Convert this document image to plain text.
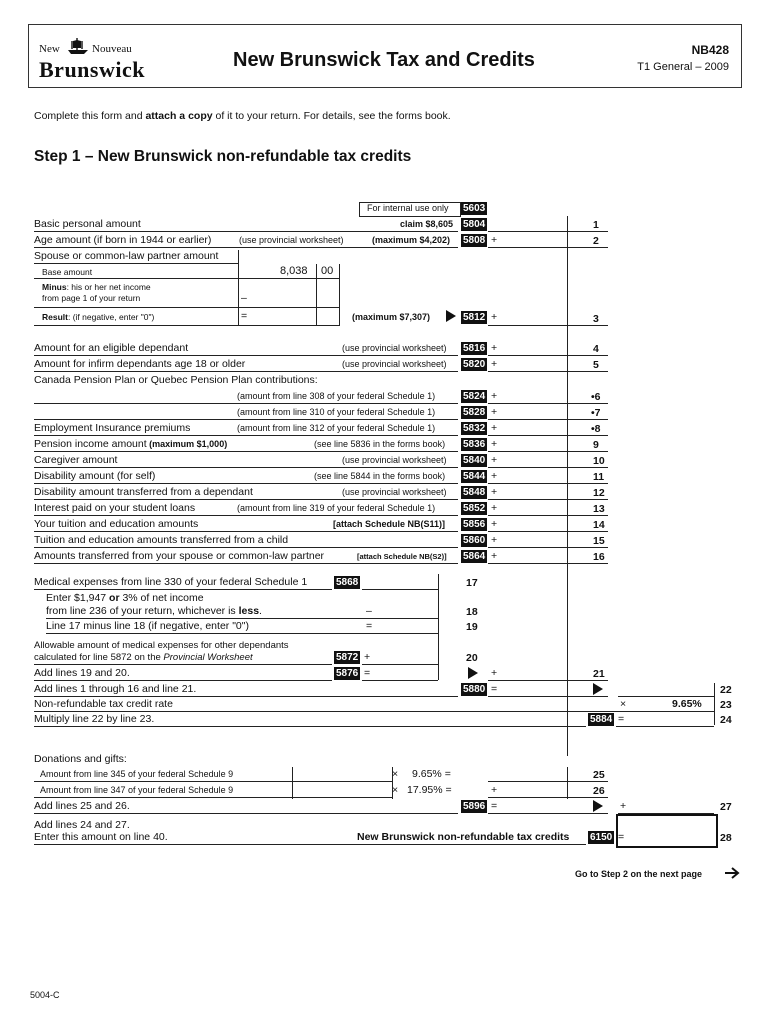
New	Nouveau
Brunswick	New Brunswick Tax and Credits	NB428
T1 General – 2009
Complete this form and attach a copy of it to your return. For details, see the forms book.
Step 1 – New Brunswick non-refundable tax credits
For internal use only 5603
Basic personal amount	claim $8,605 5804	1
Age amount (if born in 1944 or earlier)	(use provincial worksheet)	(maximum $4,202) 5808 +	2
Spouse or common-law partner amount
Base amount	8,038 00
Minus: his or her net income
from page 1 of your return	–
Result: (if negative, enter "0")	=	(maximum $7,307)	5812 +	3
Amount for an eligible dependant	(use provincial worksheet) 5816 +	4
Amount for infirm dependants age 18 or older	(use provincial worksheet) 5820 +	5
Canada Pension Plan or Quebec Pension Plan contributions:
(amount from line 308 of your federal Schedule 1)	5824 +	•6
(amount from line 310 of your federal Schedule 1)	5828 +	•7
Employment Insurance premiums	(amount from line 312 of your federal Schedule 1)	5832 +	•8
Pension income amount (maximum $1,000)	(see line 5836 in the forms book) 5836 +	9
Caregiver amount	(use provincial worksheet) 5840 +	10
Disability amount (for self)	(see line 5844 in the forms book) 5844 +	11
Disability amount transferred from a dependant	(use provincial worksheet) 5848 +	12
Interest paid on your student loans	(amount from line 319 of your federal Schedule 1)	5852 +	13
Your tuition and education amounts	[attach Schedule NB(S11)] 5856 +	14
Tuition and education amounts transferred from a child	5860 +	15
Amounts transferred from your spouse or common-law partner	[attach Schedule NB(S2)] 5864 +	16
Medical expenses from line 330 of your federal Schedule 1	5868	17
Enter $1,947 or 3% of net income
from line 236 of your return, whichever is less.	–	18
Line 17 minus line 18 (if negative, enter "0")	=	19
Allowable amount of medical expenses for other dependants
calculated for line 5872 on the Provincial Worksheet	5872 +	20
Add lines 19 and 20.	5876 =	+	21
Add lines 1 through 16 and line 21.	5880 =	22
Non-refundable tax credit rate	×	9.65% 23
Multiply line 22 by line 23.	5884 =	24
Donations and gifts:
Amount from line 345 of your federal Schedule 9	× 9.65% =	25
Amount from line 347 of your federal Schedule 9	× 17.95% =	+	26
Add lines 25 and 26.	5896 =	+	27
Add lines 24 and 27.
Enter this amount on line 40.	New Brunswick non-refundable tax credits 6150 =	28
Go to Step 2 on the next page
5004-C
